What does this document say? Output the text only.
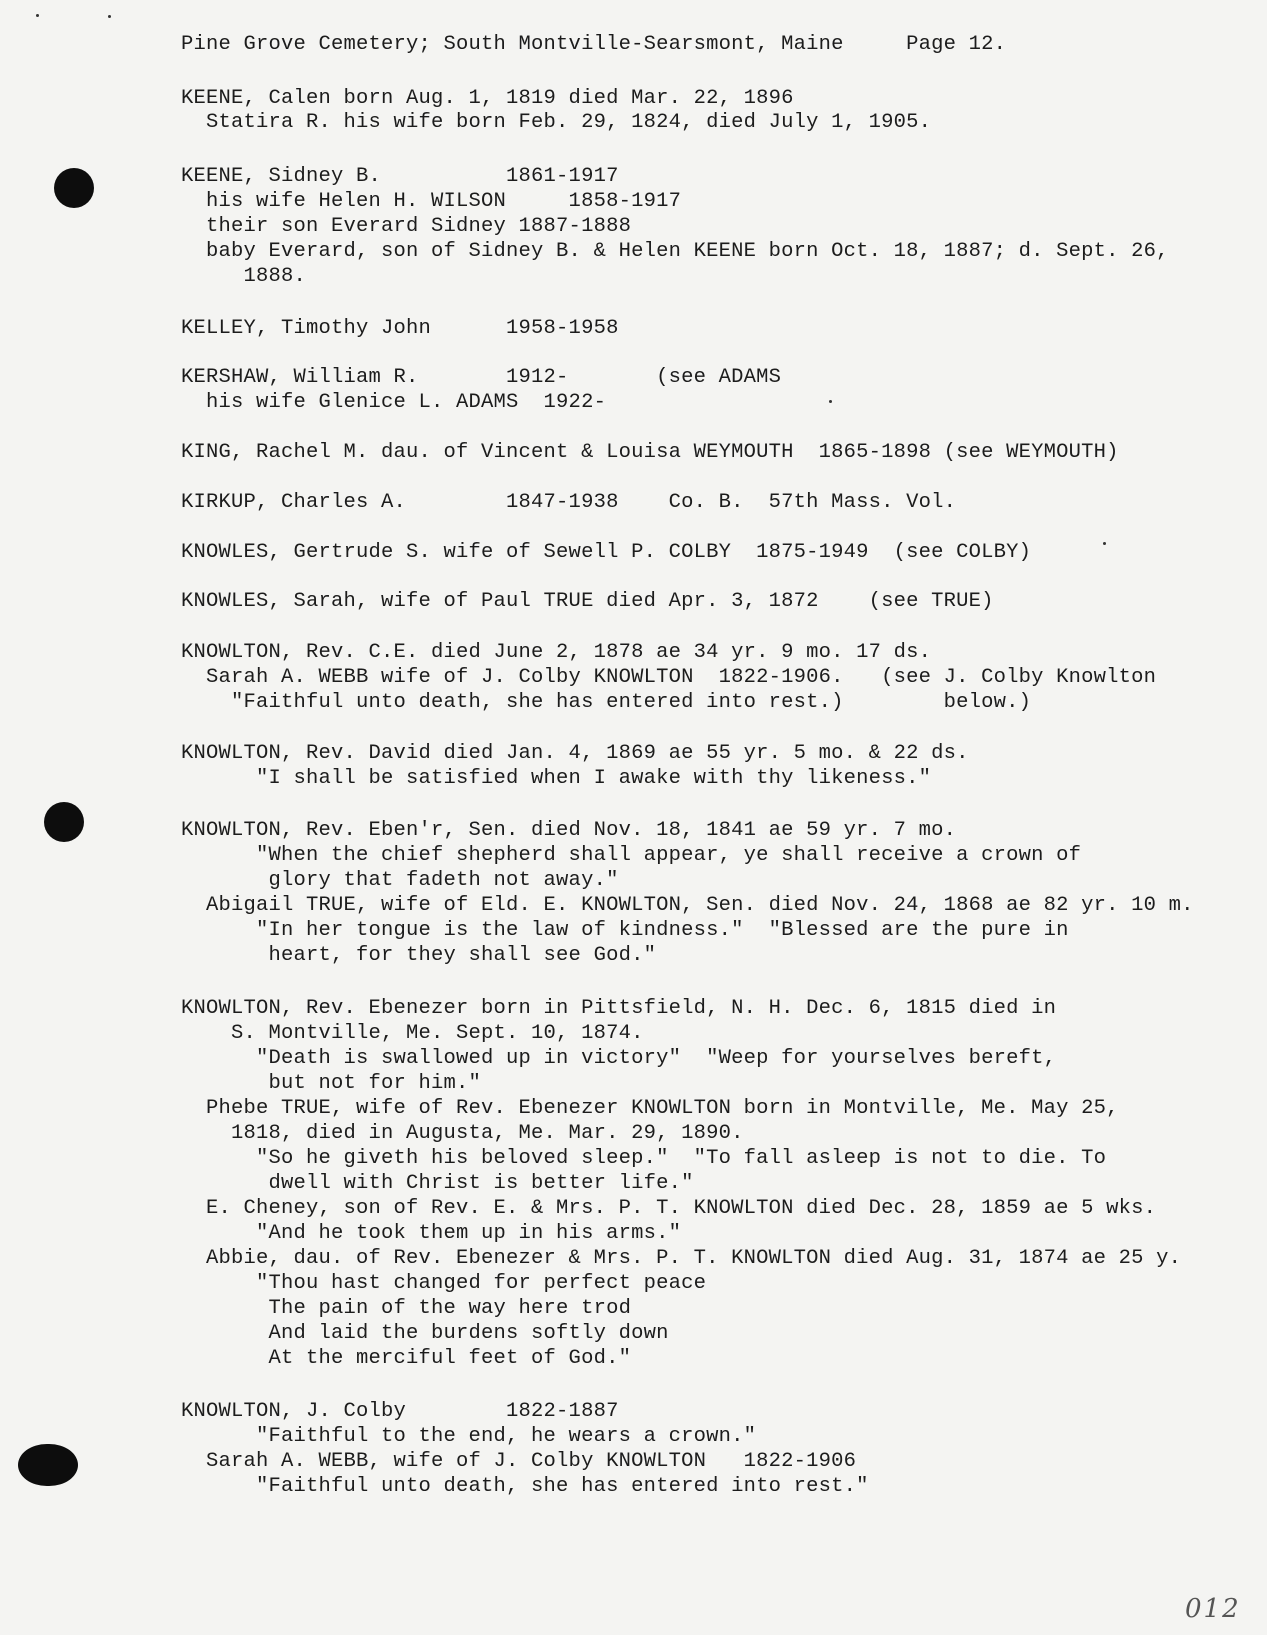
Pine Grove Cemetery; South Montville-Searsmont, Maine     Page 12.
KEENE, Calen born Aug. 1, 1819 died Mar. 22, 1896
Statira R. his wife born Feb. 29, 1824, died July 1, 1905.
KEENE, Sidney B.          1861-1917
his wife Helen H. WILSON     1858-1917
their son Everard Sidney 1887-1888
baby Everard, son of Sidney B. & Helen KEENE born Oct. 18, 1887; d. Sept. 26,
1888.
KELLEY, Timothy John      1958-1958
KERSHAW, William R.       1912-       (see ADAMS
his wife Glenice L. ADAMS  1922-
KING, Rachel M. dau. of Vincent & Louisa WEYMOUTH  1865-1898 (see WEYMOUTH)
KIRKUP, Charles A.        1847-1938    Co. B.  57th Mass. Vol.
KNOWLES, Gertrude S. wife of Sewell P. COLBY  1875-1949  (see COLBY)
KNOWLES, Sarah, wife of Paul TRUE died Apr. 3, 1872    (see TRUE)
KNOWLTON, Rev. C.E. died June 2, 1878 ae 34 yr. 9 mo. 17 ds.
Sarah A. WEBB wife of J. Colby KNOWLTON  1822-1906.   (see J. Colby Knowlton
"Faithful unto death, she has entered into rest.)        below.)
KNOWLTON, Rev. David died Jan. 4, 1869 ae 55 yr. 5 mo. & 22 ds.
"I shall be satisfied when I awake with thy likeness."
KNOWLTON, Rev. Eben'r, Sen. died Nov. 18, 1841 ae 59 yr. 7 mo.
"When the chief shepherd shall appear, ye shall receive a crown of
glory that fadeth not away."
Abigail TRUE, wife of Eld. E. KNOWLTON, Sen. died Nov. 24, 1868 ae 82 yr. 10 m.
"In her tongue is the law of kindness."  "Blessed are the pure in
heart, for they shall see God."
KNOWLTON, Rev. Ebenezer born in Pittsfield, N. H. Dec. 6, 1815 died in
S. Montville, Me. Sept. 10, 1874.
"Death is swallowed up in victory"  "Weep for yourselves bereft,
but not for him."
Phebe TRUE, wife of Rev. Ebenezer KNOWLTON born in Montville, Me. May 25,
1818, died in Augusta, Me. Mar. 29, 1890.
"So he giveth his beloved sleep."  "To fall asleep is not to die. To
dwell with Christ is better life."
E. Cheney, son of Rev. E. & Mrs. P. T. KNOWLTON died Dec. 28, 1859 ae 5 wks.
"And he took them up in his arms."
Abbie, dau. of Rev. Ebenezer & Mrs. P. T. KNOWLTON died Aug. 31, 1874 ae 25 y.
"Thou hast changed for perfect peace
The pain of the way here trod
And laid the burdens softly down
At the merciful feet of God."
KNOWLTON, J. Colby        1822-1887
"Faithful to the end, he wears a crown."
Sarah A. WEBB, wife of J. Colby KNOWLTON   1822-1906
"Faithful unto death, she has entered into rest."
012
